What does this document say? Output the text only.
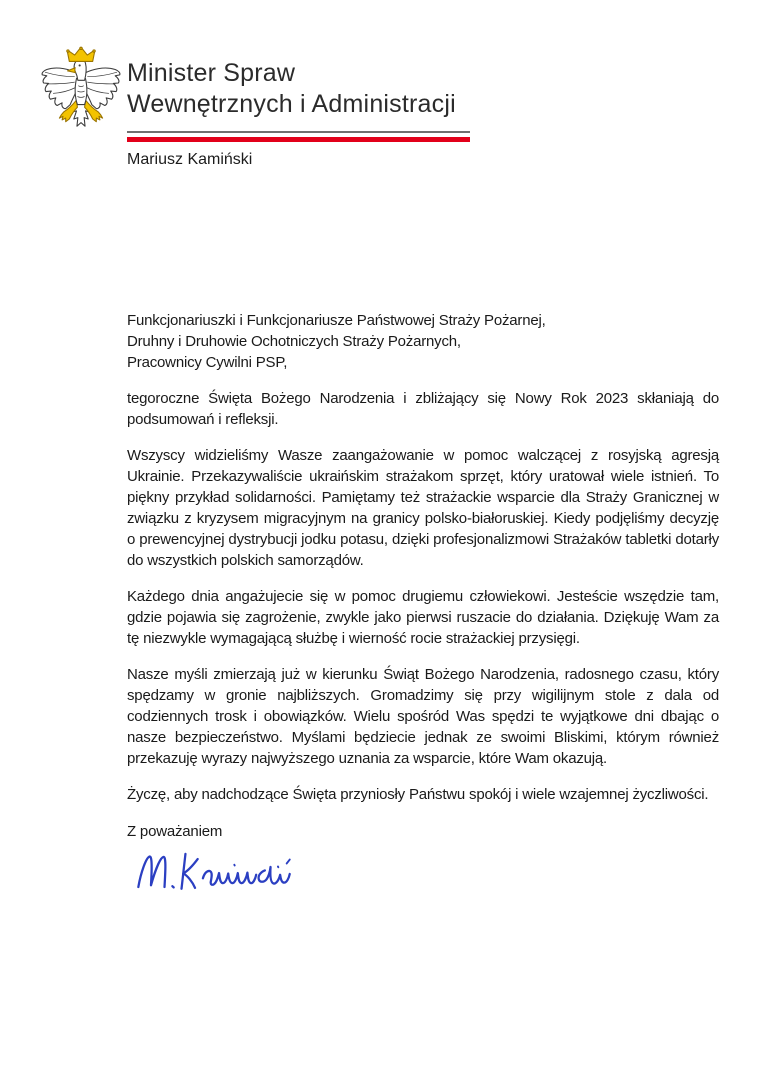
Minister Spraw
Wewnętrznych i Administracji
Mariusz Kamiński
Funkcjonariuszki i Funkcjonariusze Państwowej Straży Pożarnej,
Druhny i Druhowie Ochotniczych Straży Pożarnych,
Pracownicy Cywilni PSP,

tegoroczne Święta Bożego Narodzenia i zbliżający się Nowy Rok 2023 skłaniają do podsumowań i refleksji.

Wszyscy widzieliśmy Wasze zaangażowanie w pomoc walczącej z rosyjską agresją Ukrainie. Przekazywaliście ukraińskim strażakom sprzęt, który uratował wiele istnień. To piękny przykład solidarności. Pamiętamy też strażackie wsparcie dla Straży Granicznej w związku z kryzysem migracyjnym na granicy polsko-białoruskiej. Kiedy podjęliśmy decyzję o prewencyjnej dystrybucji jodku potasu, dzięki profesjonalizmowi Strażaków tabletki dotarły do wszystkich polskich samorządów.

Każdego dnia angażujecie się w pomoc drugiemu człowiekowi. Jesteście wszędzie tam, gdzie pojawia się zagrożenie, zwykle jako pierwsi ruszacie do działania. Dziękuję Wam za tę niezwykle wymagającą służbę i wierność rocie strażackiej przysięgi.

Nasze myśli zmierzają już w kierunku Świąt Bożego Narodzenia, radosnego czasu, który spędzamy w gronie najbliższych. Gromadzimy się przy wigilijnym stole z dala od codziennych trosk i obowiązków. Wielu spośród Was spędzi te wyjątkowe dni dbając o nasze bezpieczeństwo. Myślami będziecie jednak ze swoimi Bliskimi, którym również przekazuję wyrazy najwyższego uznania za wsparcie, które Wam okazują.

Życzę, aby nadchodzące Święta przyniosły Państwu spokój i wiele wzajemnej życzliwości.

Z poważaniem
